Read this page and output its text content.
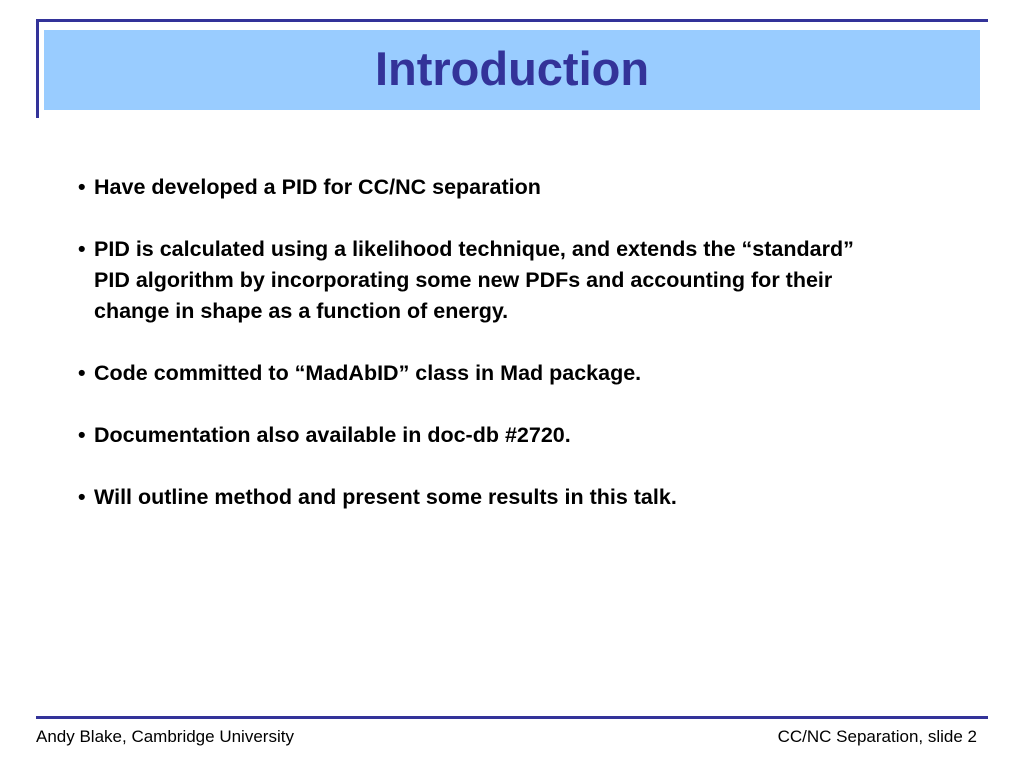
Introduction

• Have developed a PID for CC/NC separation

• PID is calculated using a likelihood technique, and extends the “standard” PID algorithm by incorporating some new PDFs and accounting for their change in shape as a function of energy.

• Code committed to “MadAbID” class in Mad package.

• Documentation also available in doc-db #2720.

• Will outline method and present some results in this talk.

Andy Blake, Cambridge University	CC/NC Separation, slide 2
